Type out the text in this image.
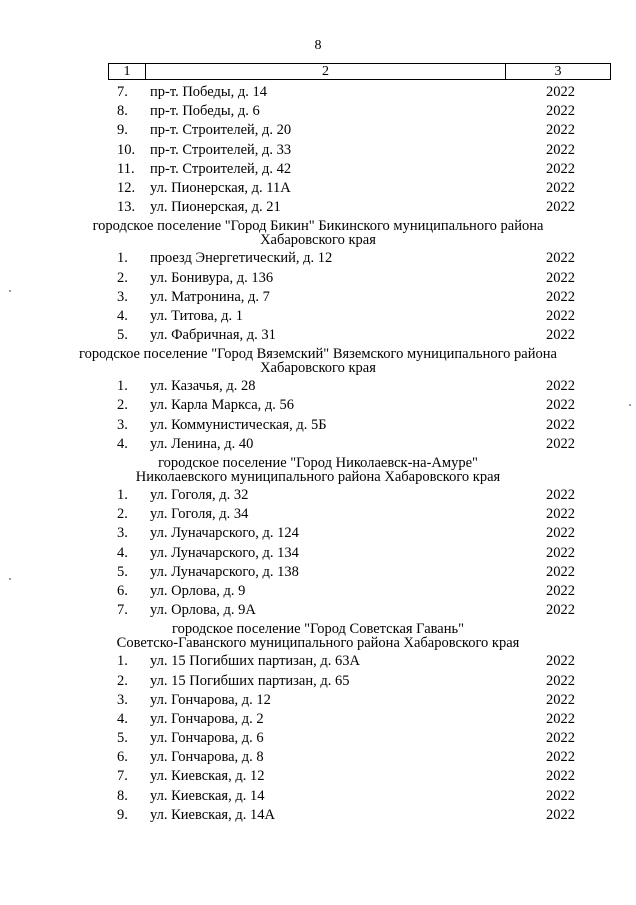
8
1	2	3
7. пр-т. Победы, д. 14	2022
8. пр-т. Победы, д. 6	2022
9. пр-т. Строителей, д. 20	2022
10. пр-т. Строителей, д. 33	2022
11. пр-т. Строителей, д. 42	2022
12. ул. Пионерская, д. 11А	2022
13. ул. Пионерская, д. 21	2022
городское поселение "Город Бикин" Бикинского муниципального района
Хабаровского края
1. проезд Энергетический, д. 12	2022
2. ул. Бонивура, д. 136	2022
3. ул. Матронина, д. 7	2022
4. ул. Титова, д. 1	2022
5. ул. Фабричная, д. 31	2022
городское поселение "Город Вяземский" Вяземского муниципального района
Хабаровского края
1. ул. Казачья, д. 28	2022
2. ул. Карла Маркса, д. 56	2022
3. ул. Коммунистическая, д. 5Б	2022
4. ул. Ленина, д. 40	2022
городское поселение "Город Николаевск-на-Амуре"
Николаевского муниципального района Хабаровского края
1. ул. Гоголя, д. 32	2022
2. ул. Гоголя, д. 34	2022
3. ул. Луначарского, д. 124	2022
4. ул. Луначарского, д. 134	2022
5. ул. Луначарского, д. 138	2022
6. ул. Орлова, д. 9	2022
7. ул. Орлова, д. 9А	2022
городское поселение "Город Советская Гавань"
Советско-Гаванского муниципального района Хабаровского края
1. ул. 15 Погибших партизан, д. 63А	2022
2. ул. 15 Погибших партизан, д. 65	2022
3. ул. Гончарова, д. 12	2022
4. ул. Гончарова, д. 2	2022
5. ул. Гончарова, д. 6	2022
6. ул. Гончарова, д. 8	2022
7. ул. Киевская, д. 12	2022
8. ул. Киевская, д. 14	2022
9. ул. Киевская, д. 14А	2022
